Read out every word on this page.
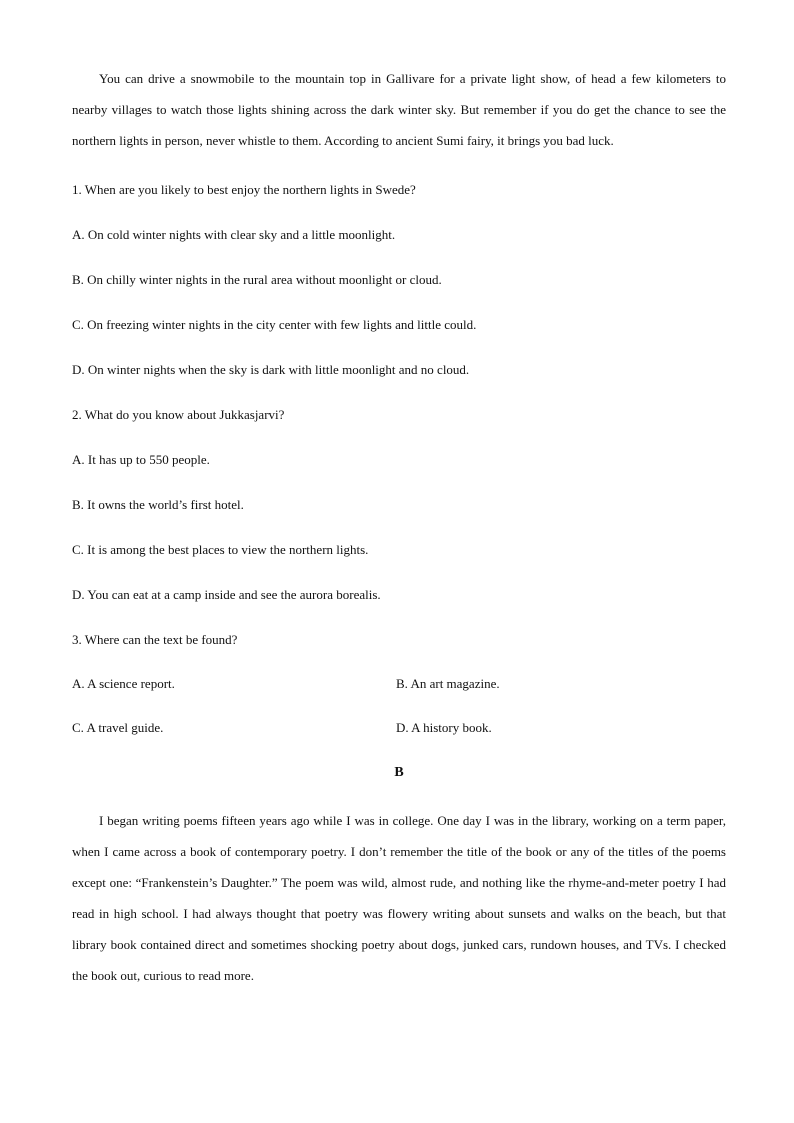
You can drive a snowmobile to the mountain top in Gallivare for a private light show, of head a few kilometers to nearby villages to watch those lights shining across the dark winter sky. But remember if you do get the chance to see the northern lights in person, never whistle to them. According to ancient Sumi fairy, it brings you bad luck.

1. When are you likely to best enjoy the northern lights in Swede?
A. On cold winter nights with clear sky and a little moonlight.
B. On chilly winter nights in the rural area without moonlight or cloud.
C. On freezing winter nights in the city center with few lights and little could.
D. On winter nights when the sky is dark with little moonlight and no cloud.
2. What do you know about Jukkasjarvi?
A. It has up to 550 people.
B. It owns the world’s first hotel.
C. It is among the best places to view the northern lights.
D. You can eat at a camp inside and see the aurora borealis.
3. Where can the text be found?
A. A science report.	B. An art magazine.
C. A travel guide.	D. A history book.
B

I began writing poems fifteen years ago while I was in college. One day I was in the library, working on a term paper, when I came across a book of contemporary poetry. I don’t remember the title of the book or any of the titles of the poems except one: “Frankenstein’s Daughter.” The poem was wild, almost rude, and nothing like the rhyme-and-meter poetry I had read in high school. I had always thought that poetry was flowery writing about sunsets and walks on the beach, but that library book contained direct and sometimes shocking poetry about dogs, junked cars, rundown houses, and TVs. I checked the book out, curious to read more.
